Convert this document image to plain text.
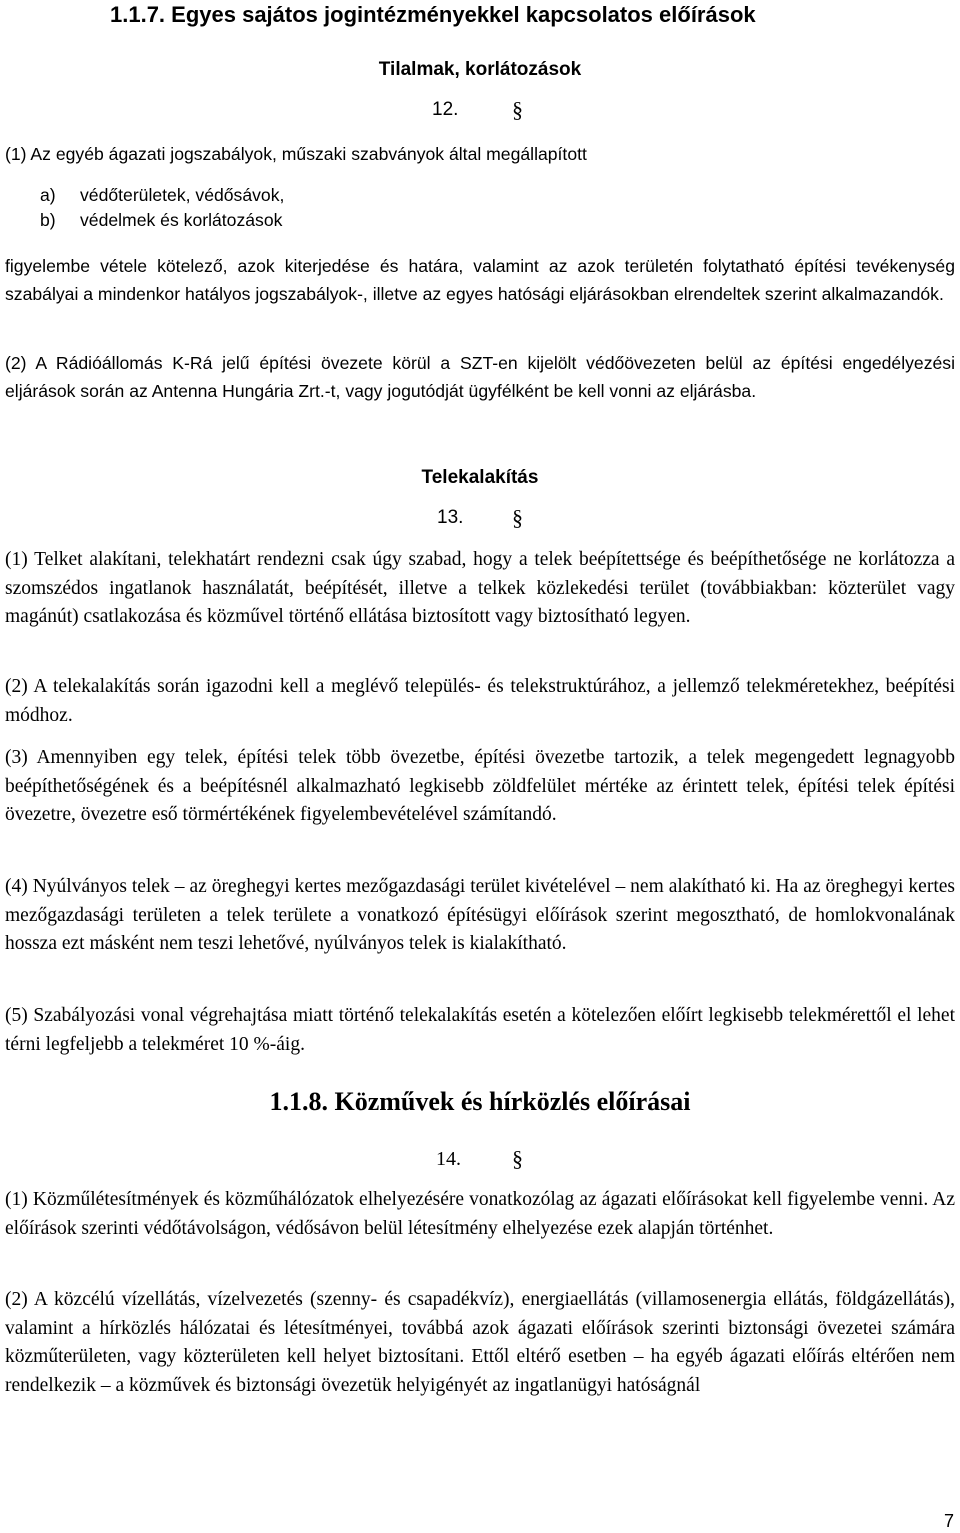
1.1.7. Egyes sajátos jogintézményekkel kapcsolatos előírások
Tilalmak, korlátozások

12. §

(1) Az egyéb ágazati jogszabályok, műszaki szabványok által megállapított

a) védőterületek, védősávok,

b) védelmek és korlátozások

figyelembe vétele kötelező, azok kiterjedése és határa, valamint az azok területén folytatható építési tevékenység szabályai a mindenkor hatályos jogszabályok-, illetve az egyes hatósági eljárásokban elrendeltek szerint alkalmazandók.

(2) A Rádióállomás K-Rá jelű építési övezete körül a SZT-en kijelölt védőövezeten belül az építési engedélyezési eljárások során az Antenna Hungária Zrt.-t, vagy jogutódját ügyfélként be kell vonni az eljárásba.

Telekalakítás

13. §

(1) Telket alakítani, telekhatárt rendezni csak úgy szabad, hogy a telek beépítettsége és beépíthetősége ne korlátozza a szomszédos ingatlanok használatát, beépítését, illetve a telkek közlekedési terület (továbbiakban: közterület vagy magánút) csatlakozása és közművel történő ellátása biztosított vagy biztosítható legyen.

(2) A telekalakítás során igazodni kell a meglévő település- és telekstruktúrához, a jellemző telekméretekhez, beépítési módhoz.

(3) Amennyiben egy telek, építési telek több övezetbe, építési övezetbe tartozik, a telek megengedett legnagyobb beépíthetőségének és a beépítésnél alkalmazható legkisebb zöldfelület mértéke az érintett telek, építési telek építési övezetre, övezetre eső törmértékének figyelembevételével számítandó.

(4) Nyúlványos telek – az öreghegyi kertes mezőgazdasági terület kivételével – nem alakítható ki. Ha az öreghegyi kertes mezőgazdasági területen a telek területe a vonatkozó építésügyi előírások szerint megosztható, de homlokvonalának hossza ezt másként nem teszi lehetővé, nyúlványos telek is kialakítható.

(5) Szabályozási vonal végrehajtása miatt történő telekalakítás esetén a kötelezően előírt legkisebb telekmérettől el lehet térni legfeljebb a telekméret 10 %-áig.

1.1.8. Közművek és hírközlés előírásai

14. §

(1) Közműlétesítmények és közműhálózatok elhelyezésére vonatkozólag az ágazati előírásokat kell figyelembe venni. Az előírások szerinti védőtávolságon, védősávon belül létesítmény elhelyezése ezek alapján történhet.

(2) A közcélú vízellátás, vízelvezetés (szenny- és csapadékvíz), energiaellátás (villamosenergia ellátás, földgázellátás), valamint a hírközlés hálózatai és létesítményei, továbbá azok ágazati előírások szerinti biztonsági övezetei számára közműterületen, vagy közterületen kell helyet biztosítani. Ettől eltérő esetben – ha egyéb ágazati előírás eltérően nem rendelkezik – a közművek és biztonsági övezetük helyigényét az ingatlanügyi hatóságnál

7
